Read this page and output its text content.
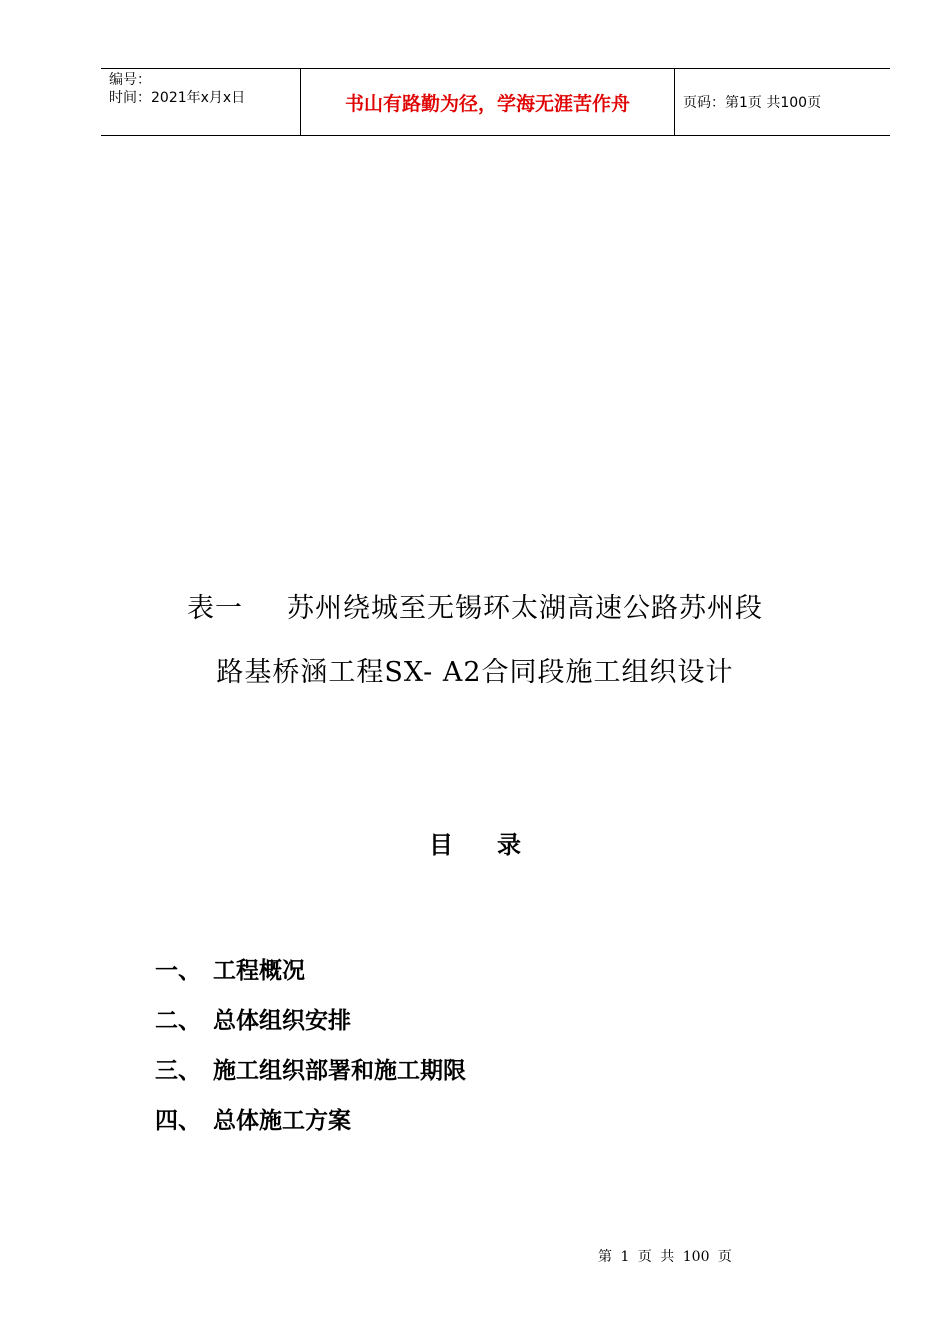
编号：
时间：2021年x月x日	书山有路勤为径，学海无涯苦作舟	页码：第1页 共100页
表一 苏州绕城至无锡环太湖高速公路苏州段
路基桥涵工程SX- A2合同段施工组织设计
目 录
一、 工程概况
二、 总体组织安排
三、 施工组织部署和施工期限
四、 总体施工方案
第 1 页 共 100 页
